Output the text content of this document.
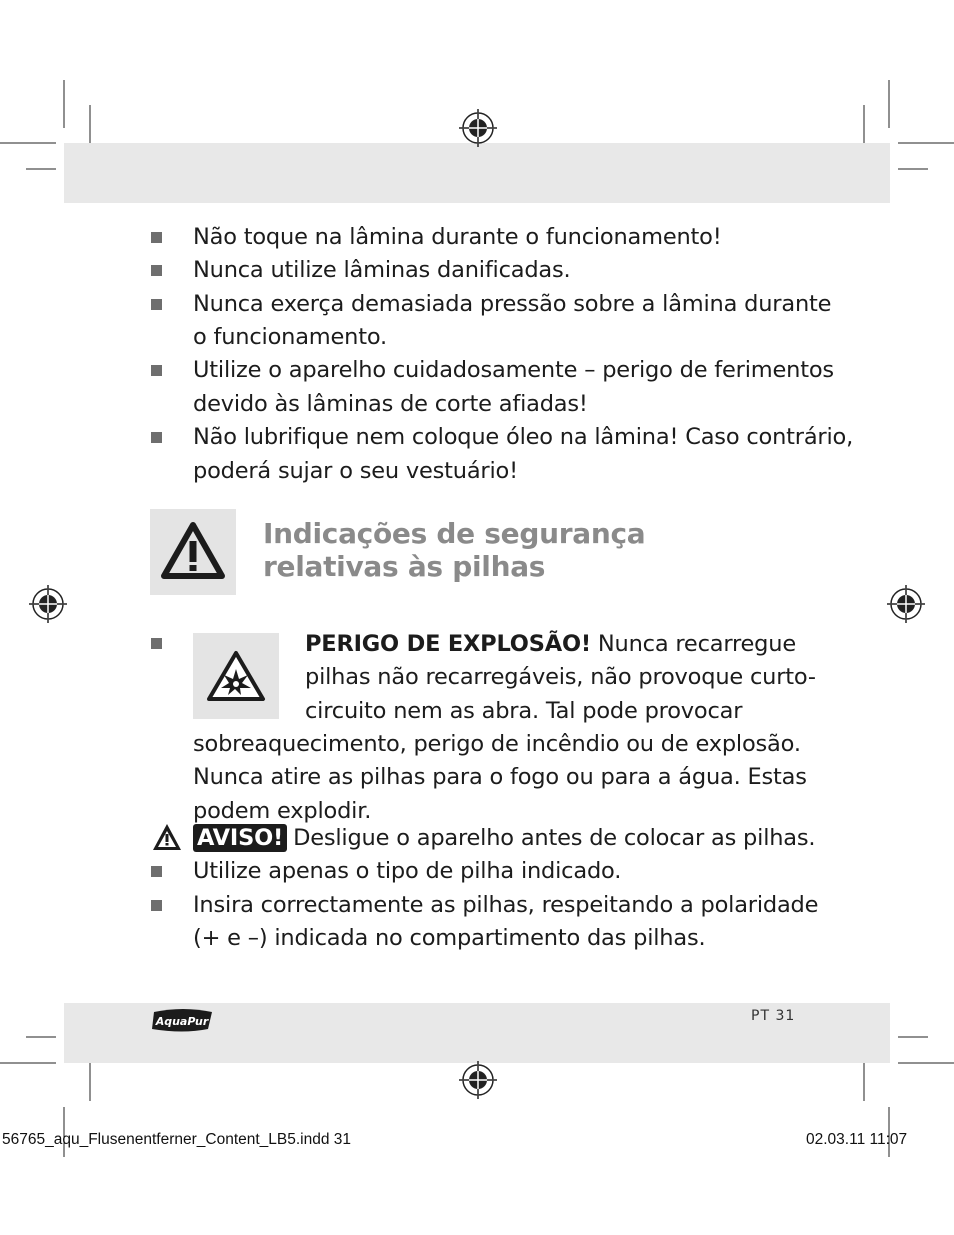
Não toque na lâmina durante o funcionamento!
Nunca utilize lâminas danificadas.
Nunca exerça demasiada pressão sobre a lâmina durante
o funcionamento.
Utilize o aparelho cuidadosamente – perigo de ferimentos
devido às lâminas de corte afiadas!
Não lubrifique nem coloque óleo na lâmina! Caso contrário,
poderá sujar o seu vestuário!
Indicações de segurança
relativas às pilhas
PERIGO DE EXPLOSÃO! Nunca recarregue
pilhas não recarregáveis, não provoque curto-
circuito nem as abra. Tal pode provocar
sobreaquecimento, perigo de incêndio ou de explosão.
Nunca atire as pilhas para o fogo ou para a água. Estas
podem explodir.
AVISO! Desligue o aparelho antes de colocar as pilhas.
Utilize apenas o tipo de pilha indicado.
Insira correctamente as pilhas, respeitando a polaridade
(+ e –) indicada no compartimento das pilhas.
AquaPur	PT 31
56765_aqu_Flusenentferner_Content_LB5.indd 31	02.03.11 11:07
